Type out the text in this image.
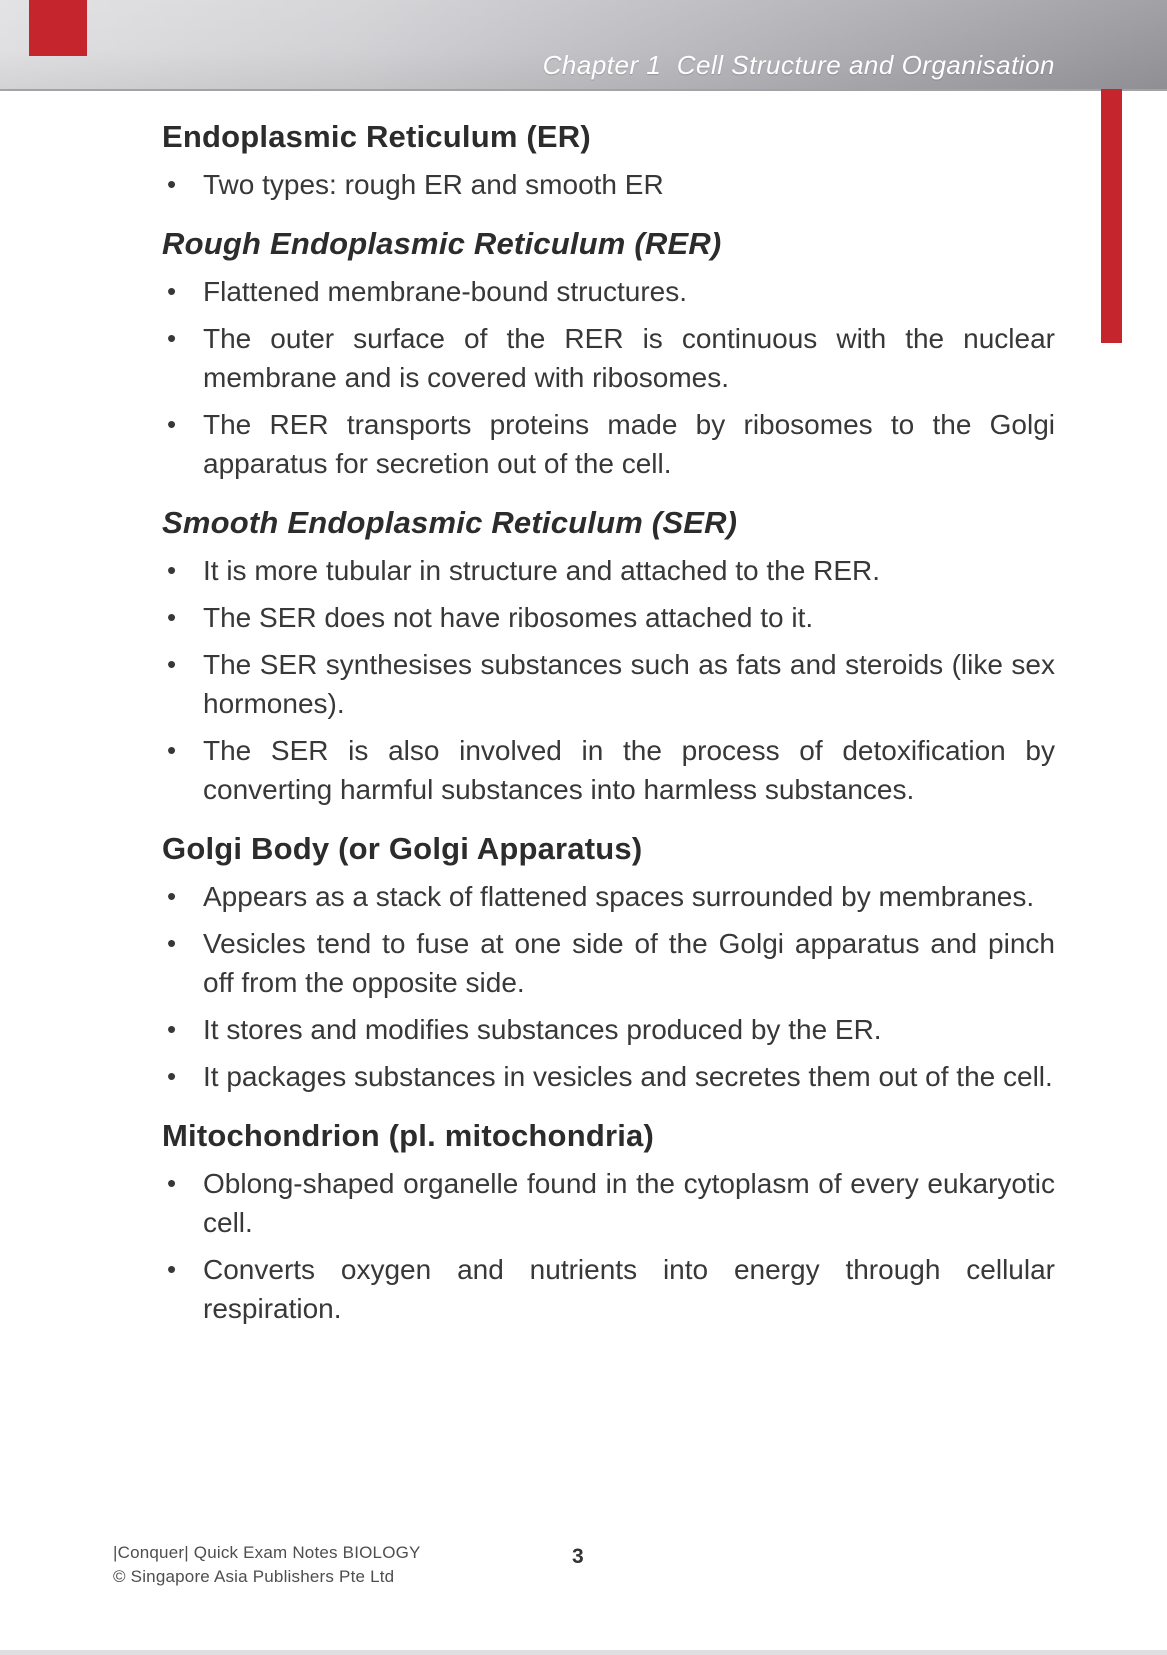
Chapter 1  Cell Structure and Organisation
Endoplasmic Reticulum (ER)
• Two types: rough ER and smooth ER
Rough Endoplasmic Reticulum (RER)
• Flattened membrane-bound structures.
• The outer surface of the RER is continuous with the nuclear membrane and is covered with ribosomes.
• The RER transports proteins made by ribosomes to the Golgi apparatus for secretion out of the cell.
Smooth Endoplasmic Reticulum (SER)
• It is more tubular in structure and attached to the RER.
• The SER does not have ribosomes attached to it.
• The SER synthesises substances such as fats and steroids (like sex hormones).
• The SER is also involved in the process of detoxification by converting harmful substances into harmless substances.
Golgi Body (or Golgi Apparatus)
• Appears as a stack of flattened spaces surrounded by membranes.
• Vesicles tend to fuse at one side of the Golgi apparatus and pinch off from the opposite side.
• It stores and modifies substances produced by the ER.
• It packages substances in vesicles and secretes them out of the cell.
Mitochondrion (pl. mitochondria)
• Oblong-shaped organelle found in the cytoplasm of every eukaryotic cell.
• Converts oxygen and nutrients into energy through cellular respiration.
|Conquer| Quick Exam Notes BIOLOGY
© Singapore Asia Publishers Pte Ltd
3
